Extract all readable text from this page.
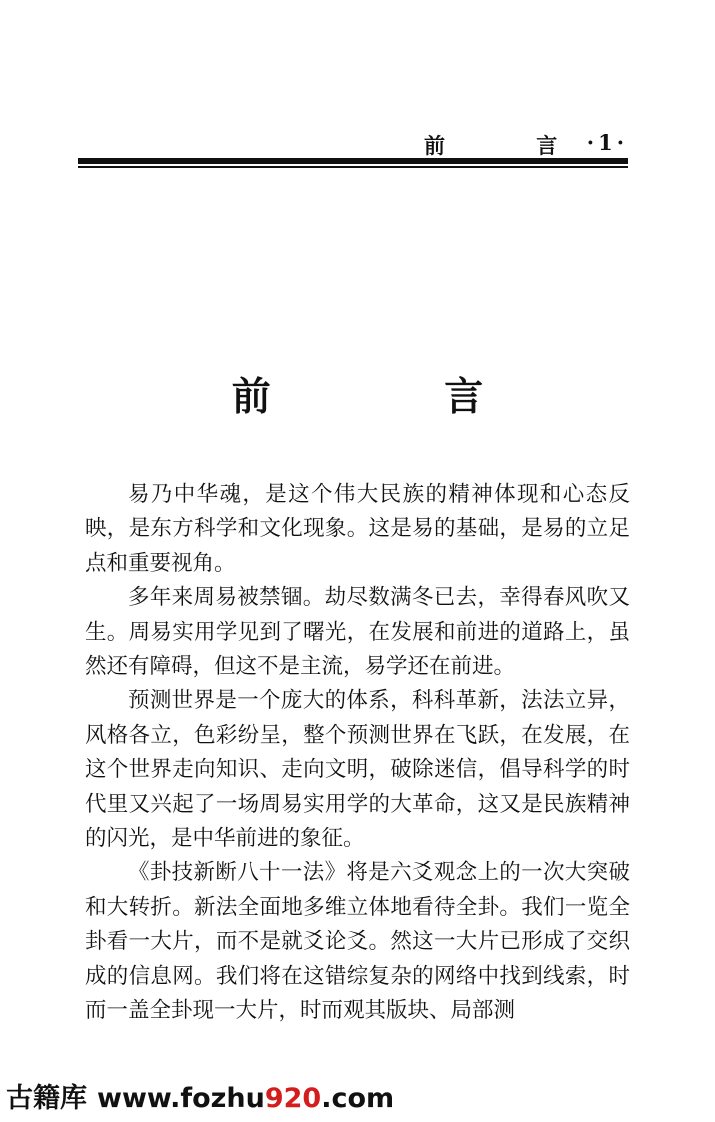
前 言
·1·
前 言

易乃中华魂，是这个伟大民族的精神体现和心态反映，是东方科学和文化现象。这是易的基础，是易的立足点和重要视角。

多年来周易被禁锢。劫尽数满冬已去，幸得春风吹又生。周易实用学见到了曙光，在发展和前进的道路上，虽然还有障碍，但这不是主流，易学还在前进。

预测世界是一个庞大的体系，科科革新，法法立异，风格各立，色彩纷呈，整个预测世界在飞跃，在发展，在这个世界走向知识、走向文明，破除迷信，倡导科学的时代里又兴起了一场周易实用学的大革命，这又是民族精神的闪光，是中华前进的象征。

《卦技新断八十一法》将是六爻观念上的一次大突破和大转折。新法全面地多维立体地看待全卦。我们一览全卦看一大片，而不是就爻论爻。然这一大片已形成了交织成的信息网。我们将在这错综复杂的网络中找到线索，时而一盖全卦现一大片，时而观其版块、局部测

古籍库 www.fozhu920.com
